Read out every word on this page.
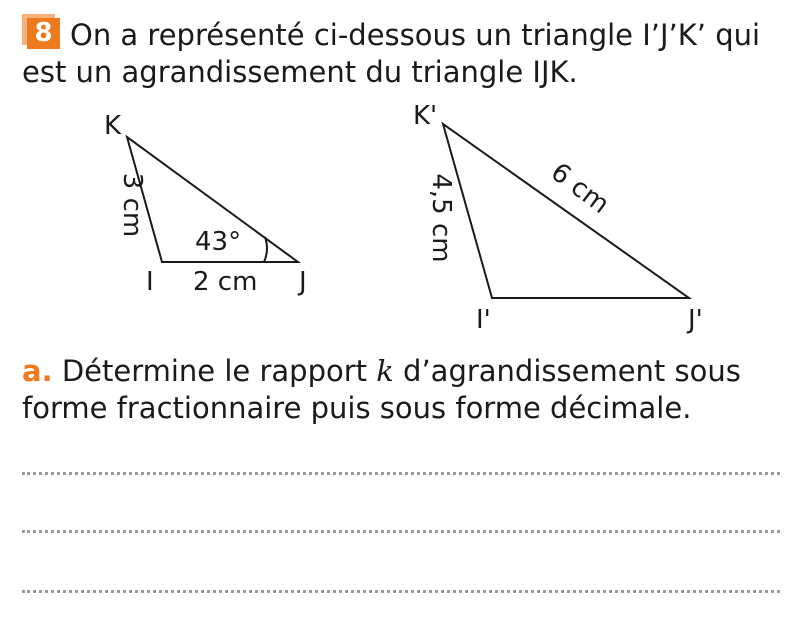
8 On a représenté ci-dessous un triangle I’J’K’ qui est un agrandissement du triangle IJK.
K
I	J
2 cm
43°
3 cm
K'
I'	J'
4,5 cm	6 cm
a. Détermine le rapport k d’agrandissement sous forme fractionnaire puis sous forme décimale.
